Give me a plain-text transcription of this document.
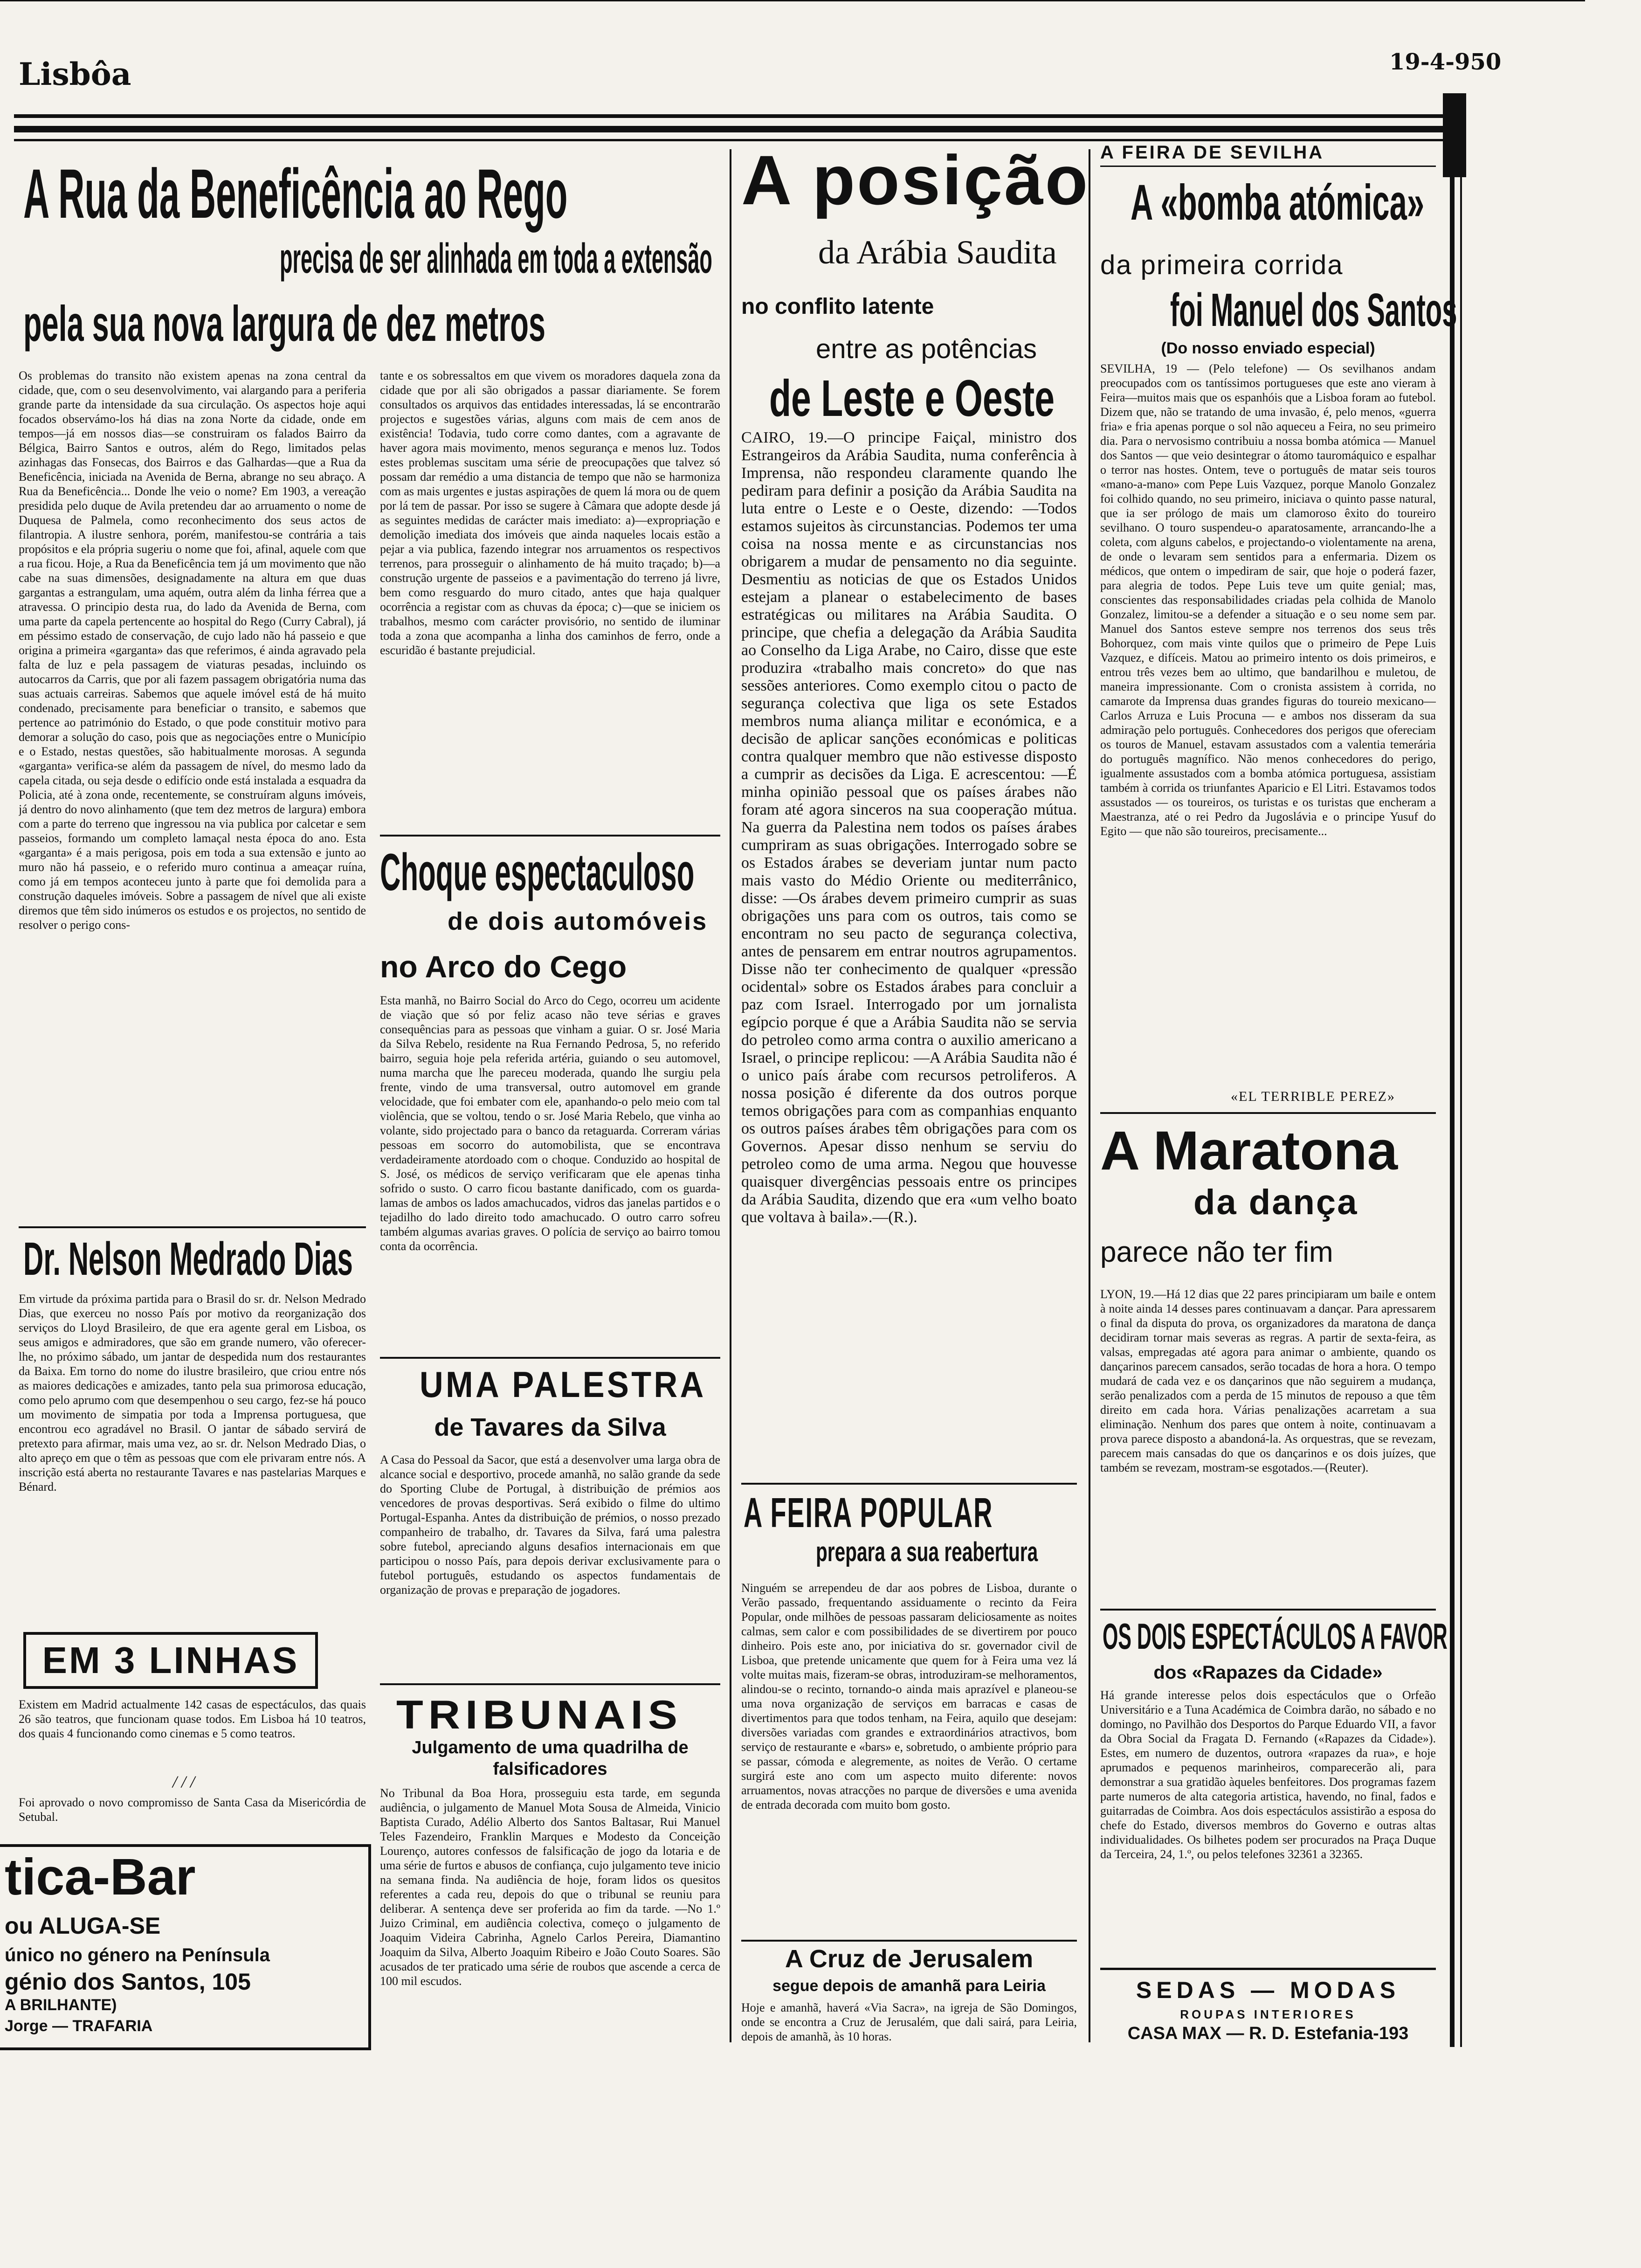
Lisbôa	19-4-950
A Rua da Beneficência ao Rego
precisa de ser alinhada em toda a extensão
pela sua nova largura de dez metros
Os problemas do transito não existem apenas na zona central da cidade, que, com o seu desenvolvimento, vai alargando para a periferia grande parte da intensidade da sua circulação. Os aspectos hoje aqui focados observámo-los há dias na zona Norte da cidade, onde em tempos—já em nossos dias—se construiram os falados Bairro da Bélgica, Bairro Santos e outros, além do Rego, limitados pelas azinhagas das Fonsecas, dos Bairros e das Galhardas—que a Rua da Beneficência, iniciada na Avenida de Berna, abrange no seu abraço. A Rua da Beneficência... Donde lhe veio o nome? Em 1903, a vereação presidida pelo duque de Avila pretendeu dar ao arruamento o nome de Duquesa de Palmela, como reconhecimento dos seus actos de filantropia. A ilustre senhora, porém, manifestou-se contrária a tais propósitos e ela própria sugeriu o nome que foi, afinal, aquele com que a rua ficou. Hoje, a Rua da Beneficência tem já um movimento que não cabe na suas dimensões, designadamente na altura em que duas gargantas a estrangulam, uma aquém, outra além da linha férrea que a atravessa. O principio desta rua, do lado da Avenida de Berna, com uma parte da capela pertencente ao hospital do Rego (Curry Cabral), já em péssimo estado de conservação, de cujo lado não há passeio e que origina a primeira «garganta» das que referimos, é ainda agravado pela falta de luz e pela passagem de viaturas pesadas, incluindo os autocarros da Carris, que por ali fazem passagem obrigatória numa das suas actuais carreiras. Sabemos que aquele imóvel está de há muito condenado, precisamente para beneficiar o transito, e sabemos que pertence ao património do Estado, o que pode constituir motivo para demorar a solução do caso, pois que as negociações entre o Município e o Estado, nestas questões, são habitualmente morosas. A segunda «garganta» verifica-se além da passagem de nível, do mesmo lado da capela citada, ou seja desde o edifício onde está instalada a esquadra da Policia, até à zona onde, recentemente, se construíram alguns imóveis, já dentro do novo alinhamento (que tem dez metros de largura) embora com a parte do terreno que ingressou na via publica por calcetar e sem passeios, formando um completo lamaçal nesta época do ano. Esta «garganta» é a mais perigosa, pois em toda a sua extensão e junto ao muro não há passeio, e o referido muro continua a ameaçar ruína, como já em tempos aconteceu junto à parte que foi demolida para a construção daqueles imóveis. Sobre a passagem de nível que ali existe diremos que têm sido inúmeros os estudos e os projectos, no sentido de resolver o perigo cons-
tante e os sobressaltos em que vivem os moradores daquela zona da cidade que por ali são obrigados a passar diariamente. Se forem consultados os arquivos das entidades interessadas, lá se encontrarão projectos e sugestões várias, alguns com mais de cem anos de existência! Todavia, tudo corre como dantes, com a agravante de haver agora mais movimento, menos segurança e menos luz. Todos estes problemas suscitam uma série de preocupações que talvez só possam dar remédio a uma distancia de tempo que não se harmoniza com as mais urgentes e justas aspirações de quem lá mora ou de quem por lá tem de passar. Por isso se sugere à Câmara que adopte desde já as seguintes medidas de carácter mais imediato: a)—expropriação e demolição imediata dos imóveis que ainda naqueles locais estão a pejar a via publica, fazendo integrar nos arruamentos os respectivos terrenos, para prosseguir o alinhamento de há muito traçado; b)—a construção urgente de passeios e a pavimentação do terreno já livre, bem como resguardo do muro citado, antes que haja qualquer ocorrência a registar com as chuvas da época; c)—que se iniciem os trabalhos, mesmo com carácter provisório, no sentido de iluminar toda a zona que acompanha a linha dos caminhos de ferro, onde a escuridão é bastante prejudicial.
Choque espectaculoso
de dois automóveis
no Arco do Cego
Esta manhã, no Bairro Social do Arco do Cego, ocorreu um acidente de viação que só por feliz acaso não teve sérias e graves consequências para as pessoas que vinham a guiar. O sr. José Maria da Silva Rebelo, residente na Rua Fernando Pedrosa, 5, no referido bairro, seguia hoje pela referida artéria, guiando o seu automovel, numa marcha que lhe pareceu moderada, quando lhe surgiu pela frente, vindo de uma transversal, outro automovel em grande velocidade, que foi embater com ele, apanhando-o pelo meio com tal violência, que se voltou, tendo o sr. José Maria Rebelo, que vinha ao volante, sido projectado para o banco da retaguarda. Correram várias pessoas em socorro do automobilista, que se encontrava verdadeiramente atordoado com o choque. Conduzido ao hospital de S. José, os médicos de serviço verificaram que ele apenas tinha sofrido o susto. O carro ficou bastante danificado, com os guarda-lamas de ambos os lados amachucados, vidros das janelas partidos e o tejadilho do lado direito todo amachucado. O outro carro sofreu também algumas avarias graves. O polícia de serviço ao bairro tomou conta da ocorrência.
UMA PALESTRA
de Tavares da Silva
A Casa do Pessoal da Sacor, que está a desenvolver uma larga obra de alcance social e desportivo, procede amanhã, no salão grande da sede do Sporting Clube de Portugal, à distribuição de prémios aos vencedores de provas desportivas. Será exibido o filme do ultimo Portugal-Espanha. Antes da distribuição de prémios, o nosso prezado companheiro de trabalho, dr. Tavares da Silva, fará uma palestra sobre futebol, apreciando alguns desafios internacionais em que participou o nosso País, para depois derivar exclusivamente para o futebol português, estudando os aspectos fundamentais de organização de provas e preparação de jogadores.
TRIBUNAIS
Julgamento de uma quadrilha de falsificadores
No Tribunal da Boa Hora, prosseguiu esta tarde, em segunda audiência, o julgamento de Manuel Mota Sousa de Almeida, Vinicio Baptista Curado, Adélio Alberto dos Santos Baltasar, Rui Manuel Teles Fazendeiro, Franklin Marques e Modesto da Conceição Lourenço, autores confessos de falsificação de jogo da lotaria e de uma série de furtos e abusos de confiança, cujo julgamento teve inicio na semana finda. Na audiência de hoje, foram lidos os quesitos referentes a cada reu, depois do que o tribunal se reuniu para deliberar. A sentença deve ser proferida ao fim da tarde. —No 1.º Juizo Criminal, em audiência colectiva, começo o julgamento de Joaquim Videira Cabrinha, Agnelo Carlos Pereira, Diamantino Joaquim da Silva, Alberto Joaquim Ribeiro e João Couto Soares. São acusados de ter praticado uma série de roubos que ascende a cerca de 100 mil escudos.
Dr. Nelson Medrado Dias
Em virtude da próxima partida para o Brasil do sr. dr. Nelson Medrado Dias, que exerceu no nosso País por motivo da reorganização dos serviços do Lloyd Brasileiro, de que era agente geral em Lisboa, os seus amigos e admiradores, que são em grande numero, vão oferecer-lhe, no próximo sábado, um jantar de despedida num dos restaurantes da Baixa. Em torno do nome do ilustre brasileiro, que criou entre nós as maiores dedicações e amizades, tanto pela sua primorosa educação, como pelo aprumo com que desempenhou o seu cargo, fez-se há pouco um movimento de simpatia por toda a Imprensa portuguesa, que encontrou eco agradável no Brasil. O jantar de sábado servirá de pretexto para afirmar, mais uma vez, ao sr. dr. Nelson Medrado Dias, o alto apreço em que o têm as pessoas que com ele privaram entre nós. A inscrição está aberta no restaurante Tavares e nas pastelarias Marques e Bénard.
EM 3 LINHAS
Existem em Madrid actualmente 142 casas de espectáculos, das quais 26 são teatros, que funcionam quase todos. Em Lisboa há 10 teatros, dos quais 4 funcionando como cinemas e 5 como teatros.
/ / /
Foi aprovado o novo compromisso de Santa Casa da Misericórdia de Setubal.
tica-Bar
ou ALUGA-SE
único no género na Península
génio dos Santos, 105
A BRILHANTE)
Jorge — TRAFARIA
A posição
da Arábia Saudita
no conflito latente
entre as potências
de Leste e Oeste
CAIRO, 19.—O principe Faiçal, ministro dos Estrangeiros da Arábia Saudita, numa conferência à Imprensa, não respondeu claramente quando lhe pediram para definir a posição da Arábia Saudita na luta entre o Leste e o Oeste, dizendo: —Todos estamos sujeitos às circunstancias. Podemos ter uma coisa na nossa mente e as circunstancias nos obrigarem a mudar de pensamento no dia seguinte. Desmentiu as noticias de que os Estados Unidos estejam a planear o estabelecimento de bases estratégicas ou militares na Arábia Saudita. O principe, que chefia a delegação da Arábia Saudita ao Conselho da Liga Arabe, no Cairo, disse que este produzira «trabalho mais concreto» do que nas sessões anteriores. Como exemplo citou o pacto de segurança colectiva que liga os sete Estados membros numa aliança militar e económica, e a decisão de aplicar sanções económicas e politicas contra qualquer membro que não estivesse disposto a cumprir as decisões da Liga. E acrescentou: —É minha opinião pessoal que os países árabes não foram até agora sinceros na sua cooperação mútua. Na guerra da Palestina nem todos os países árabes cumpriram as suas obrigações. Interrogado sobre se os Estados árabes se deveriam juntar num pacto mais vasto do Médio Oriente ou mediterrânico, disse: —Os árabes devem primeiro cumprir as suas obrigações uns para com os outros, tais como se encontram no seu pacto de segurança colectiva, antes de pensarem em entrar noutros agrupamentos. Disse não ter conhecimento de qualquer «pressão ocidental» sobre os Estados árabes para concluir a paz com Israel. Interrogado por um jornalista egípcio porque é que a Arábia Saudita não se servia do petroleo como arma contra o auxilio americano a Israel, o principe replicou: —A Arábia Saudita não é o unico país árabe com recursos petroliferos. A nossa posição é diferente da dos outros porque temos obrigações para com as companhias enquanto os outros países árabes têm obrigações para com os Governos. Apesar disso nenhum se serviu do petroleo como de uma arma. Negou que houvesse quaisquer divergências pessoais entre os principes da Arábia Saudita, dizendo que era «um velho boato que voltava à baila».—(R.).
A FEIRA POPULAR
prepara a sua reabertura
Ninguém se arrependeu de dar aos pobres de Lisboa, durante o Verão passado, frequentando assiduamente o recinto da Feira Popular, onde milhões de pessoas passaram deliciosamente as noites calmas, sem calor e com possibilidades de se divertirem por pouco dinheiro. Pois este ano, por iniciativa do sr. governador civil de Lisboa, que pretende unicamente que quem for à Feira uma vez lá volte muitas mais, fizeram-se obras, introduziram-se melhoramentos, alindou-se o recinto, tornando-o ainda mais aprazível e planeou-se uma nova organização de serviços em barracas e casas de divertimentos para que todos tenham, na Feira, aquilo que desejam: diversões variadas com grandes e extraordinários atractivos, bom serviço de restaurante e «bars» e, sobretudo, o ambiente próprio para se passar, cómoda e alegremente, as noites de Verão. O certame surgirá este ano com um aspecto muito diferente: novos arruamentos, novas atracções no parque de diversões e uma avenida de entrada decorada com muito bom gosto.
A Cruz de Jerusalem
segue depois de amanhã para Leiria
Hoje e amanhã, haverá «Via Sacra», na igreja de São Domingos, onde se encontra a Cruz de Jerusalém, que dali sairá, para Leiria, depois de amanhã, às 10 horas.
A FEIRA DE SEVILHA
A «bomba atómica»
da primeira corrida
foi Manuel dos Santos
(Do nosso enviado especial)
SEVILHA, 19 — (Pelo telefone) — Os sevilhanos andam preocupados com os tantíssimos portugueses que este ano vieram à Feira—muitos mais que os espanhóis que a Lisboa foram ao futebol. Dizem que, não se tratando de uma invasão, é, pelo menos, «guerra fria» e fria apenas porque o sol não aqueceu a Feira, no seu primeiro dia. Para o nervosismo contribuiu a nossa bomba atómica — Manuel dos Santos — que veio desintegrar o átomo tauromáquico e espalhar o terror nas hostes. Ontem, teve o português de matar seis touros «mano-a-mano» com Pepe Luis Vazquez, porque Manolo Gonzalez foi colhido quando, no seu primeiro, iniciava o quinto passe natural, que ia ser prólogo de mais um clamoroso êxito do toureiro sevilhano. O touro suspendeu-o aparatosamente, arrancando-lhe a coleta, com alguns cabelos, e projectando-o violentamente na arena, de onde o levaram sem sentidos para a enfermaria. Dizem os médicos, que ontem o impediram de sair, que hoje o poderá fazer, para alegria de todos. Pepe Luis teve um quite genial; mas, conscientes das responsabilidades criadas pela colhida de Manolo Gonzalez, limitou-se a defender a situação e o seu nome sem par. Manuel dos Santos esteve sempre nos terrenos dos seus três Bohorquez, com mais vinte quilos que o primeiro de Pepe Luis Vazquez, e difíceis. Matou ao primeiro intento os dois primeiros, e entrou três vezes bem ao ultimo, que bandarilhou e muletou, de maneira impressionante. Com o cronista assistem à corrida, no camarote da Imprensa duas grandes figuras do toureio mexicano—Carlos Arruza e Luis Procuna — e ambos nos disseram da sua admiração pelo português. Conhecedores dos perigos que ofereciam os touros de Manuel, estavam assustados com a valentia temerária do português magnífico. Não menos conhecedores do perigo, igualmente assustados com a bomba atómica portuguesa, assistiam também à corrida os triunfantes Aparicio e El Litri. Estavamos todos assustados — os toureiros, os turistas e os turistas que encheram a Maestranza, até o rei Pedro da Jugoslávia e o principe Yusuf do Egito — que não são toureiros, precisamente...
«EL TERRIBLE PEREZ»
A Maratona
da dança
parece não ter fim
LYON, 19.—Há 12 dias que 22 pares principiaram um baile e ontem à noite ainda 14 desses pares continuavam a dançar. Para apressarem o final da disputa do prova, os organizadores da maratona de dança decidiram tornar mais severas as regras. A partir de sexta-feira, as valsas, empregadas até agora para animar o ambiente, quando os dançarinos parecem cansados, serão tocadas de hora a hora. O tempo mudará de cada vez e os dançarinos que não seguirem a mudança, serão penalizados com a perda de 15 minutos de repouso a que têm direito em cada hora. Várias penalizações acarretam a sua eliminação. Nenhum dos pares que ontem à noite, continuavam a prova parece disposto a abandoná-la. As orquestras, que se revezam, parecem mais cansadas do que os dançarinos e os dois juízes, que também se revezam, mostram-se esgotados.—(Reuter).
OS DOIS ESPECTÁCULOS A FAVOR
dos «Rapazes da Cidade»
Há grande interesse pelos dois espectáculos que o Orfeão Universitário e a Tuna Académica de Coimbra darão, no sábado e no domingo, no Pavilhão dos Desportos do Parque Eduardo VII, a favor da Obra Social da Fragata D. Fernando («Rapazes da Cidade»). Estes, em numero de duzentos, outrora «rapazes da rua», e hoje aprumados e pequenos marinheiros, comparecerão ali, para demonstrar a sua gratidão àqueles benfeitores. Dos programas fazem parte numeros de alta categoria artistica, havendo, no final, fados e guitarradas de Coimbra. Aos dois espectáculos assistirão a esposa do chefe do Estado, diversos membros do Governo e outras altas individualidades. Os bilhetes podem ser procurados na Praça Duque da Terceira, 24, 1.º, ou pelos telefones 32361 a 32365.
SEDAS — MODAS
ROUPAS INTERIORES
CASA MAX — R. D. Estefania-193
